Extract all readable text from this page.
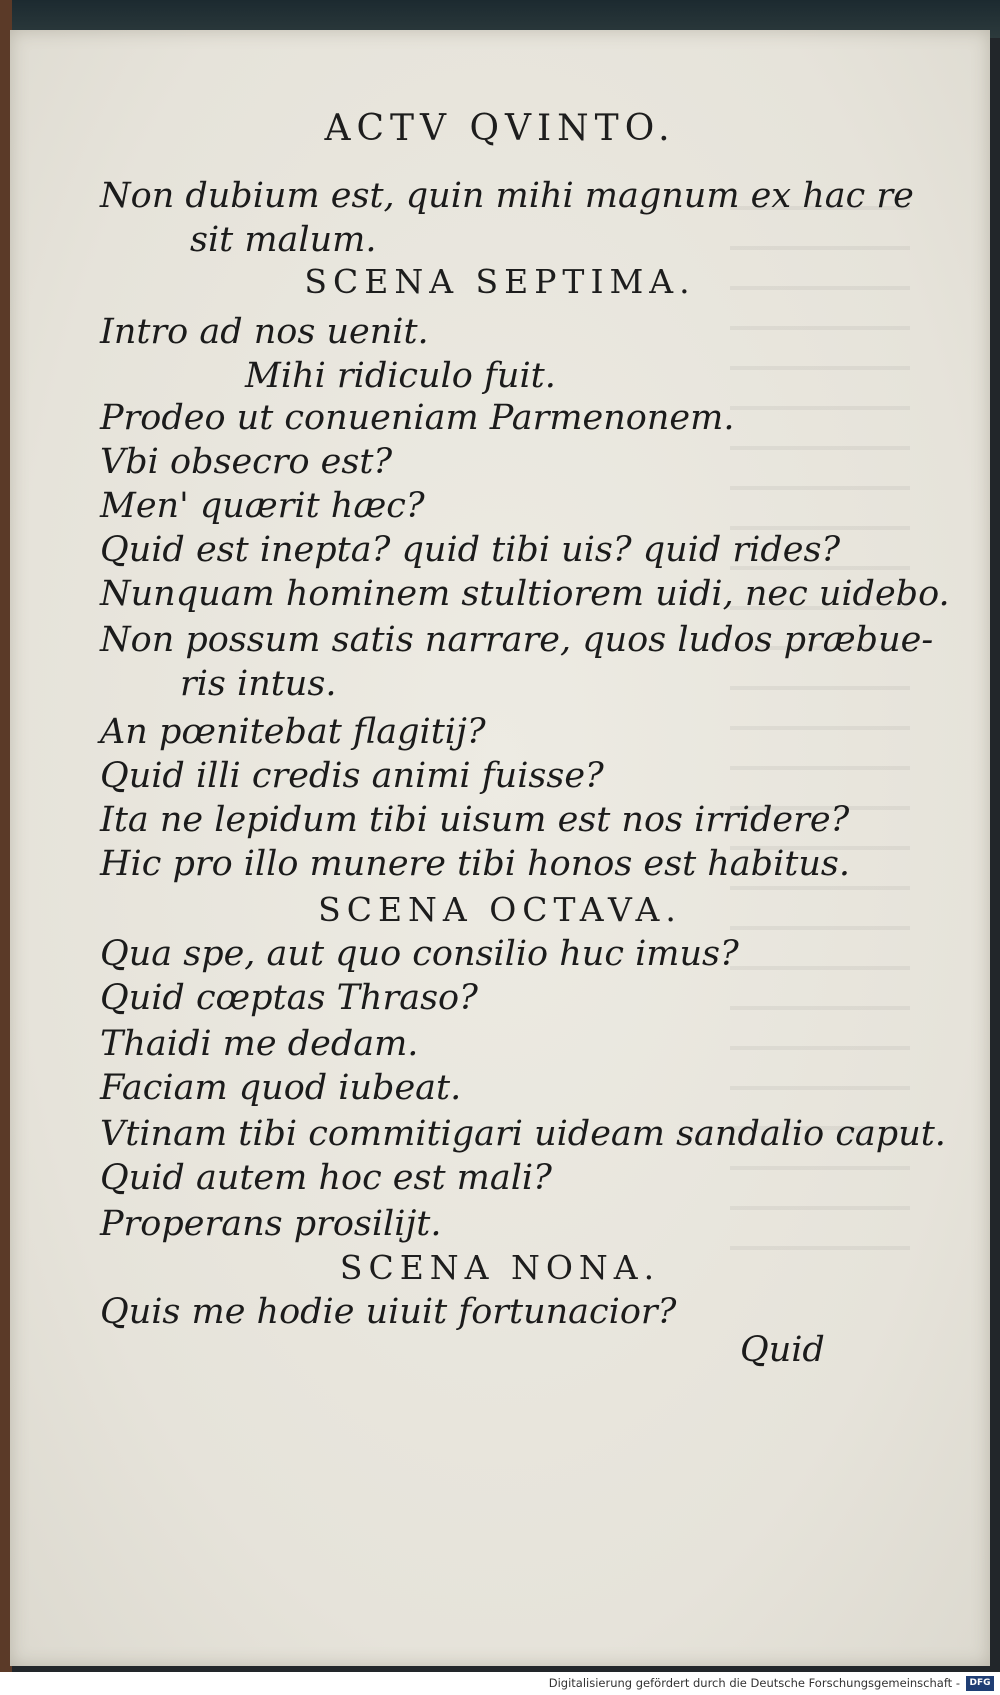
ACTV QVINTO.

Non dubium est, quin mihi magnum ex hac re

sit malum.

SCENA SEPTIMA.

Intro ad nos uenit.

Mihi ridiculo fuit.

Prodeo ut conueniam Parmenonem.

Vbi obsecro est?

Men' quærit hæc?

Quid est inepta? quid tibi uis? quid rides?

Nunquam hominem stultiorem uidi, nec uidebo.

Non possum satis narrare, quos ludos præbue-

ris intus.

An pœnitebat flagitij?

Quid illi credis animi fuisse?

Ita ne lepidum tibi uisum est nos irridere?

Hic pro illo munere tibi honos est habitus.

SCENA OCTAVA.

Qua spe, aut quo consilio huc imus?

Quid cœptas Thraso?

Thaidi me dedam.

Faciam quod iubeat.

Vtinam tibi commitigari uideam sandalio caput.

Quid autem hoc est mali?

Properans prosilijt.

SCENA NONA.

Quis me hodie uiuit fortunacior?

Quid

Digitalisierung gefördert durch die Deutsche Forschungsgemeinschaft -	DFG
